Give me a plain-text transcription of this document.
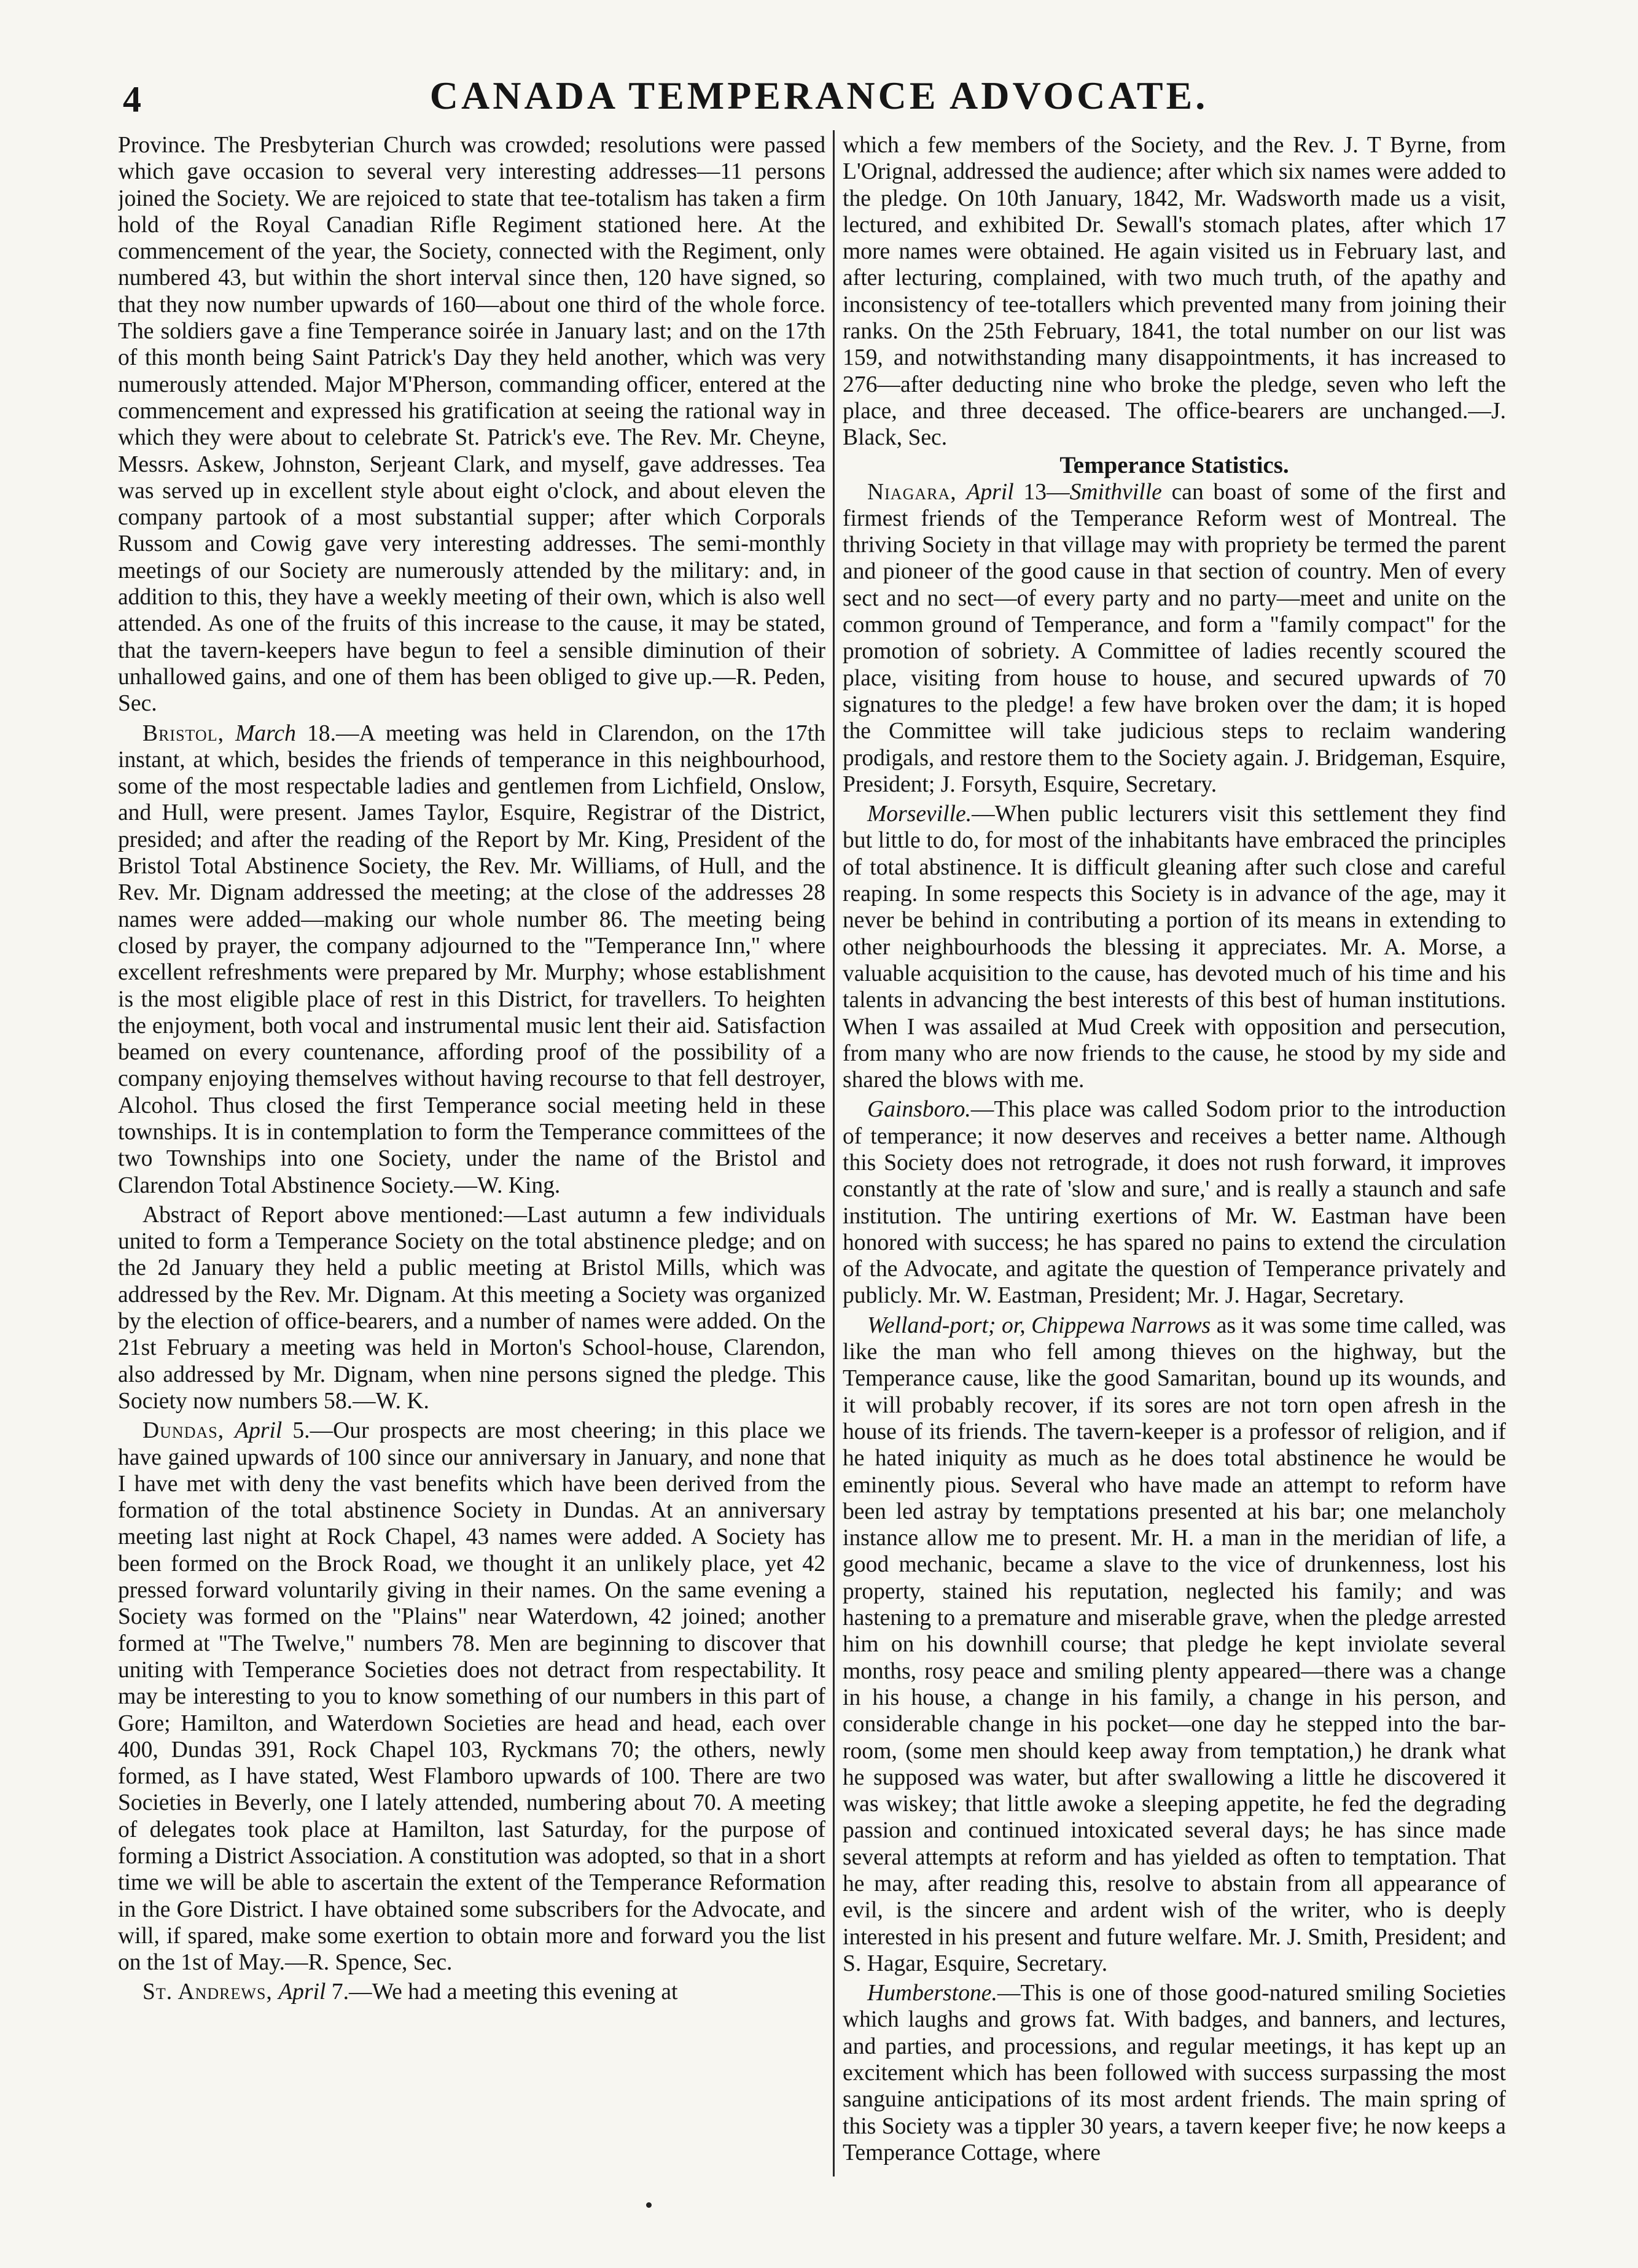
4	CANADA TEMPERANCE ADVOCATE.

Province. The Presbyterian Church was crowded; resolutions were passed which gave occasion to several very interesting addresses—11 persons joined the Society. We are rejoiced to state that tee-totalism has taken a firm hold of the Royal Canadian Rifle Regiment stationed here. At the commencement of the year, the Society, connected with the Regiment, only numbered 43, but within the short interval since then, 120 have signed, so that they now number upwards of 160—about one third of the whole force. The soldiers gave a fine Temperance soirée in January last; and on the 17th of this month being Saint Patrick's Day they held another, which was very numerously attended. Major M'Pherson, commanding officer, entered at the commencement and expressed his gratification at seeing the rational way in which they were about to celebrate St. Patrick's eve. The Rev. Mr. Cheyne, Messrs. Askew, Johnston, Serjeant Clark, and myself, gave addresses. Tea was served up in excellent style about eight o'clock, and about eleven the company partook of a most substantial supper; after which Corporals Russom and Cowig gave very interesting addresses. The semi-monthly meetings of our Society are numerously attended by the military: and, in addition to this, they have a weekly meeting of their own, which is also well attended. As one of the fruits of this increase to the cause, it may be stated, that the tavern-keepers have begun to feel a sensible diminution of their unhallowed gains, and one of them has been obliged to give up.—R. Peden, Sec.

Bristol, March 18.—A meeting was held in Clarendon, on the 17th instant, at which, besides the friends of temperance in this neighbourhood, some of the most respectable ladies and gentlemen from Lichfield, Onslow, and Hull, were present. James Taylor, Esquire, Registrar of the District, presided; and after the reading of the Report by Mr. King, President of the Bristol Total Abstinence Society, the Rev. Mr. Williams, of Hull, and the Rev. Mr. Dignam addressed the meeting; at the close of the addresses 28 names were added—making our whole number 86. The meeting being closed by prayer, the company adjourned to the "Temperance Inn," where excellent refreshments were prepared by Mr. Murphy; whose establishment is the most eligible place of rest in this District, for travellers. To heighten the enjoyment, both vocal and instrumental music lent their aid. Satisfaction beamed on every countenance, affording proof of the possibility of a company enjoying themselves without having recourse to that fell destroyer, Alcohol. Thus closed the first Temperance social meeting held in these townships. It is in contemplation to form the Temperance committees of the two Townships into one Society, under the name of the Bristol and Clarendon Total Abstinence Society.—W. King.

Abstract of Report above mentioned:—Last autumn a few individuals united to form a Temperance Society on the total abstinence pledge; and on the 2d January they held a public meeting at Bristol Mills, which was addressed by the Rev. Mr. Dignam. At this meeting a Society was organized by the election of office-bearers, and a number of names were added. On the 21st February a meeting was held in Morton's School-house, Clarendon, also addressed by Mr. Dignam, when nine persons signed the pledge. This Society now numbers 58.—W. K.

Dundas, April 5.—Our prospects are most cheering; in this place we have gained upwards of 100 since our anniversary in January, and none that I have met with deny the vast benefits which have been derived from the formation of the total abstinence Society in Dundas. At an anniversary meeting last night at Rock Chapel, 43 names were added. A Society has been formed on the Brock Road, we thought it an unlikely place, yet 42 pressed forward voluntarily giving in their names. On the same evening a Society was formed on the "Plains" near Waterdown, 42 joined; another formed at "The Twelve," numbers 78. Men are beginning to discover that uniting with Temperance Societies does not detract from respectability. It may be interesting to you to know something of our numbers in this part of Gore; Hamilton, and Waterdown Societies are head and head, each over 400, Dundas 391, Rock Chapel 103, Ryckmans 70; the others, newly formed, as I have stated, West Flamboro upwards of 100. There are two Societies in Beverly, one I lately attended, numbering about 70. A meeting of delegates took place at Hamilton, last Saturday, for the purpose of forming a District Association. A constitution was adopted, so that in a short time we will be able to ascertain the extent of the Temperance Reformation in the Gore District. I have obtained some subscribers for the Advocate, and will, if spared, make some exertion to obtain more and forward you the list on the 1st of May.—R. Spence, Sec.

St. Andrews, April 7.—We had a meeting this evening at

which a few members of the Society, and the Rev. J. T Byrne, from L'Orignal, addressed the audience; after which six names were added to the pledge. On 10th January, 1842, Mr. Wadsworth made us a visit, lectured, and exhibited Dr. Sewall's stomach plates, after which 17 more names were obtained. He again visited us in February last, and after lecturing, complained, with two much truth, of the apathy and inconsistency of tee-totallers which prevented many from joining their ranks. On the 25th February, 1841, the total number on our list was 159, and notwithstanding many disappointments, it has increased to 276—after deducting nine who broke the pledge, seven who left the place, and three deceased. The office-bearers are unchanged.—J. Black, Sec.

Temperance Statistics.

Niagara, April 13—Smithville can boast of some of the first and firmest friends of the Temperance Reform west of Montreal. The thriving Society in that village may with propriety be termed the parent and pioneer of the good cause in that section of country. Men of every sect and no sect—of every party and no party—meet and unite on the common ground of Temperance, and form a "family compact" for the promotion of sobriety. A Committee of ladies recently scoured the place, visiting from house to house, and secured upwards of 70 signatures to the pledge! a few have broken over the dam; it is hoped the Committee will take judicious steps to reclaim wandering prodigals, and restore them to the Society again. J. Bridgeman, Esquire, President; J. Forsyth, Esquire, Secretary.

Morseville.—When public lecturers visit this settlement they find but little to do, for most of the inhabitants have embraced the principles of total abstinence. It is difficult gleaning after such close and careful reaping. In some respects this Society is in advance of the age, may it never be behind in contributing a portion of its means in extending to other neighbourhoods the blessing it appreciates. Mr. A. Morse, a valuable acquisition to the cause, has devoted much of his time and his talents in advancing the best interests of this best of human institutions. When I was assailed at Mud Creek with opposition and persecution, from many who are now friends to the cause, he stood by my side and shared the blows with me.

Gainsboro.—This place was called Sodom prior to the introduction of temperance; it now deserves and receives a better name. Although this Society does not retrograde, it does not rush forward, it improves constantly at the rate of 'slow and sure,' and is really a staunch and safe institution. The untiring exertions of Mr. W. Eastman have been honored with success; he has spared no pains to extend the circulation of the Advocate, and agitate the question of Temperance privately and publicly. Mr. W. Eastman, President; Mr. J. Hagar, Secretary.

Welland-port; or, Chippewa Narrows as it was some time called, was like the man who fell among thieves on the highway, but the Temperance cause, like the good Samaritan, bound up its wounds, and it will probably recover, if its sores are not torn open afresh in the house of its friends. The tavern-keeper is a professor of religion, and if he hated iniquity as much as he does total abstinence he would be eminently pious. Several who have made an attempt to reform have been led astray by temptations presented at his bar; one melancholy instance allow me to present. Mr. H. a man in the meridian of life, a good mechanic, became a slave to the vice of drunkenness, lost his property, stained his reputation, neglected his family; and was hastening to a premature and miserable grave, when the pledge arrested him on his downhill course; that pledge he kept inviolate several months, rosy peace and smiling plenty appeared—there was a change in his house, a change in his family, a change in his person, and considerable change in his pocket—one day he stepped into the bar-room, (some men should keep away from temptation,) he drank what he supposed was water, but after swallowing a little he discovered it was wiskey; that little awoke a sleeping appetite, he fed the degrading passion and continued intoxicated several days; he has since made several attempts at reform and has yielded as often to temptation. That he may, after reading this, resolve to abstain from all appearance of evil, is the sincere and ardent wish of the writer, who is deeply interested in his present and future welfare. Mr. J. Smith, President; and S. Hagar, Esquire, Secretary.

Humberstone.—This is one of those good-natured smiling Societies which laughs and grows fat. With badges, and banners, and lectures, and parties, and processions, and regular meetings, it has kept up an excitement which has been followed with success surpassing the most sanguine anticipations of its most ardent friends. The main spring of this Society was a tippler 30 years, a tavern keeper five; he now keeps a Temperance Cottage, where
